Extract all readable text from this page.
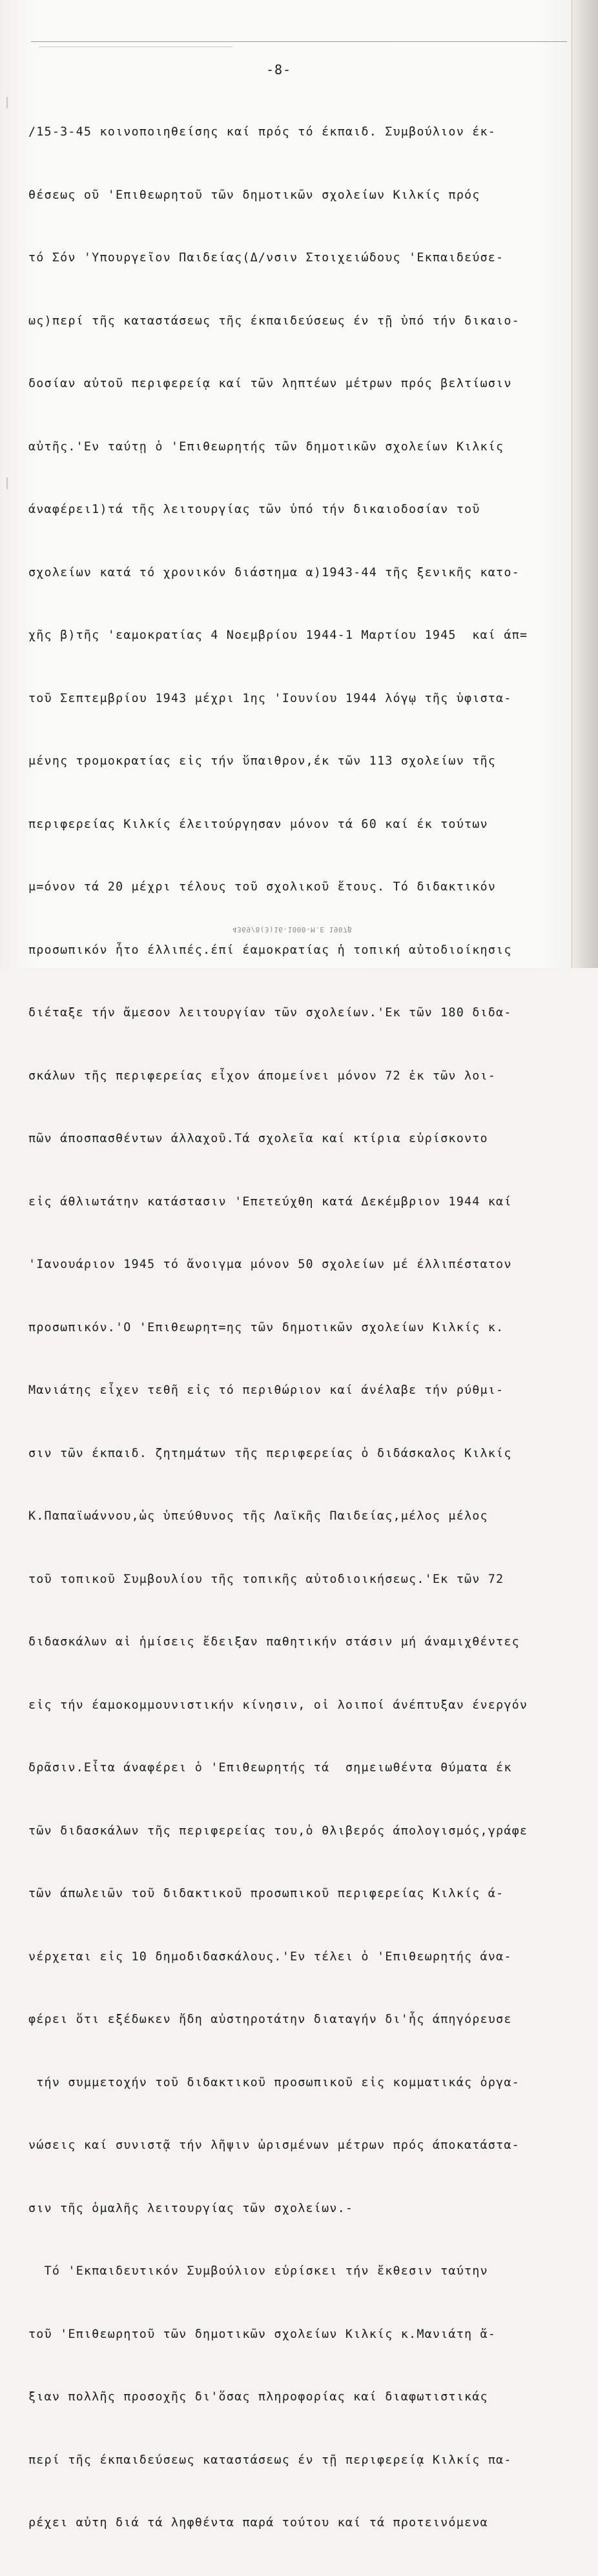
-8-

/15-3-45 κοινοποιηθείσης καί πρός τό έκπαιδ. Συμβούλιον έκ-

θέσεως οῦ 'Επιθεωρητοῦ τῶν δημοτικῶν σχολείων Κιλκίς πρός

τό Σόν 'Υπουργεῖον Παιδείας(Δ/νσιν Στοιχειώδους 'Εκπαιδεύσε-

ως)περί τῆς καταστάσεως τῆς έκπαιδεύσεως έν τῇ ὑπό τήν δικαιο-

δοσίαν αὐτοῦ περιφερείᾳ καί τῶν ληπτέων μέτρων πρός βελτίωσιν

αὐτῆς.'Εν ταύτῃ ὁ 'Επιθεωρητής τῶν δημοτικῶν σχολείων Κιλκίς

άναφέρει1)τά τῆς λειτουργίας τῶν ὑπό τήν δικαιοδοσίαν τοῦ

σχολείων κατά τό χρονικόν διάστημα α)1943-44 τῆς ξενικῆς κατο-

χῆς β)τῆς 'εαμοκρατίας 4 Νοεμβρίου 1944-1 Μαρτίου 1945  καί άπ=

τοῦ Σεπτεμβρίου 1943 μέχρι 1ης 'Ιουνίου 1944 λόγῳ τῆς ὑφιστα-

μένης τρομοκρατίας εἰς τήν ὕπαιθρον,έκ τῶν 113 σχολείων τῆς

περιφερείας Κιλκίς έλειτούργησαν μόνον τά 60 καί έκ τούτων

μ=όνον τά 20 μέχρι τέλους τοῦ σχολικοῦ ἔτους. Τό διδακτικόν

προσωπικόν ἦτο έλλιπές.έπί έαμοκρατίας ἡ τοπική αὐτοδιοίκησις

διέταξε τήν ἄμεσον λειτουργίαν τῶν σχολείων.'Εκ τῶν 180 διδα-

σκάλων τῆς περιφερείας εἶχον άπομείνει μόνον 72 ἐκ τῶν λοι-

πῶν άποσπασθέντων άλλαχοῦ.Τά σχολεῖα καί κτίρια εὑρίσκοντο

εἰς άθλιωτάτην κατάστασιν 'Επετεύχθη κατά Δεκέμβριον 1944 καί

'Ιανουάριον 1945 τό ἄνοιγμα μόνον 50 σχολείων μέ έλλιπέστατον

προσωπικόν.'Ο 'Επιθεωρητ=ης τῶν δημοτικῶν σχολείων Κιλκίς κ.

Μανιάτης εἶχεν τεθῆ εἰς τό περιθώριον καί άνέλαβε τήν ρύθμι-

σιν τῶν έκπαιδ. ζητημάτων τῆς περιφερείας ὁ διδάσκαλος Κιλκίς

Κ.Παπαϊωάννου,ὡς ὑπεύθυνος τῆς Λαϊκῆς Παιδείας,μέλος μέλος

τοῦ τοπικοῦ Συμβουλίου τῆς τοπικῆς αὐτοδιοικήσεως.'Εκ τῶν 72

διδασκάλων αἱ ἡμίσεις ἔδειξαν παθητικήν στάσιν μή άναμιχθέντες

εἰς τήν έαμοκομμουνιστικήν κίνησιν, οἱ λοιποί άνέπτυξαν ένεργόν

δρᾶσιν.Εἶτα άναφέρει ὁ 'Επιθεωρητής τά  σημειωθέντα θύματα έκ

τῶν διδασκάλων τῆς περιφερείας του,ὁ θλιβερός άπολογισμός,γράφε

τῶν άπωλειῶν τοῦ διδακτικοῦ προσωπικοῦ περιφερείας Κιλκίς ά-

νέρχεται εἰς 10 δημοδιδασκάλους.'Εν τέλει ὁ 'Επιθεωρητής άνα-

φέρει ὅτι εξέδωκεν ἤδη αὐστηροτάτην διαταγήν δι'ἧς άπηγόρευσε

τήν συμμετοχήν τοῦ διδακτικοῦ προσωπικοῦ εἰς κομματικάς ὀργα-

νώσεις καί συνιστᾷ τήν λῆψιν ὡρισμένων μέτρων πρός άποκατάστα-

σιν τῆς ὁμαλῆς λειτουργίας τῶν σχολείων.-

Τό 'Εκπαιδευτικόν Συμβούλιον εὑρίσκει τήν ἔκθεσιν ταύτην

τοῦ 'Επιθεωρητοῦ τῶν δημοτικῶν σχολείων Κιλκίς κ.Μανιάτη ἄ-

ξιαν πολλῆς προσοχῆς δι'ὅσας πληροφορίας καί διαφωτιστικάς

περί τῆς έκπαιδεύσεως καταστάσεως έν τῇ περιφερείᾳ Κιλκίς πα-

ρέχει αὐτη διά τά ληφθέντα παρά τούτου καί τά προτεινόμενα

4369/8(3)16-1000-M.E 1907β
